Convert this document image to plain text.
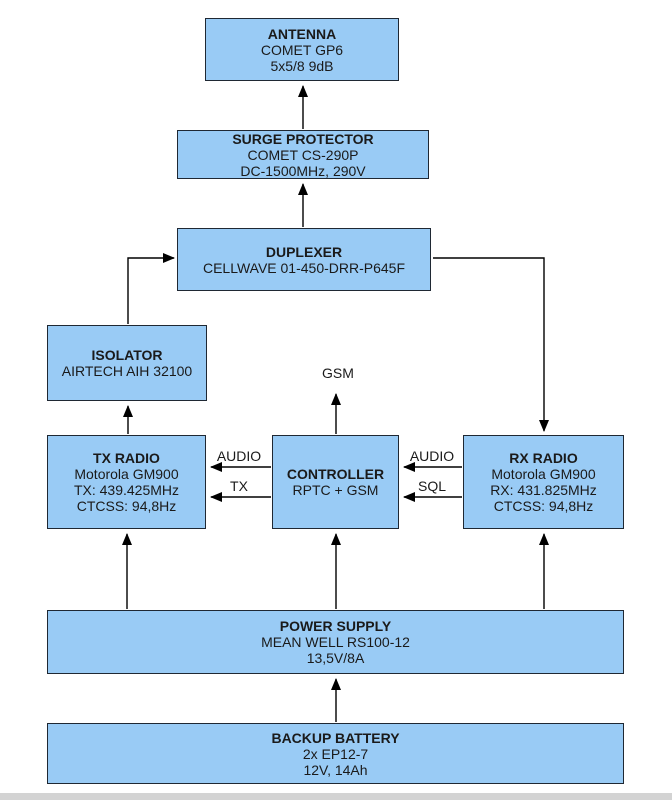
ANTENNA
COMET GP6
5x5/8 9dB
SURGE PROTECTOR
COMET CS-290P
DC-1500MHz, 290V
DUPLEXER
CELLWAVE 01-450-DRR-P645F
ISOLATOR
AIRTECH AIH 32100
TX RADIO
Motorola GM900
TX: 439.425MHz
CTCSS: 94,8Hz
CONTROLLER
RPTC + GSM
RX RADIO
Motorola GM900
RX: 431.825MHz
CTCSS: 94,8Hz
POWER SUPPLY
MEAN WELL RS100-12
13,5V/8A
BACKUP BATTERY
2x EP12-7
12V, 14Ah
GSM
AUDIO
TX
AUDIO
SQL
